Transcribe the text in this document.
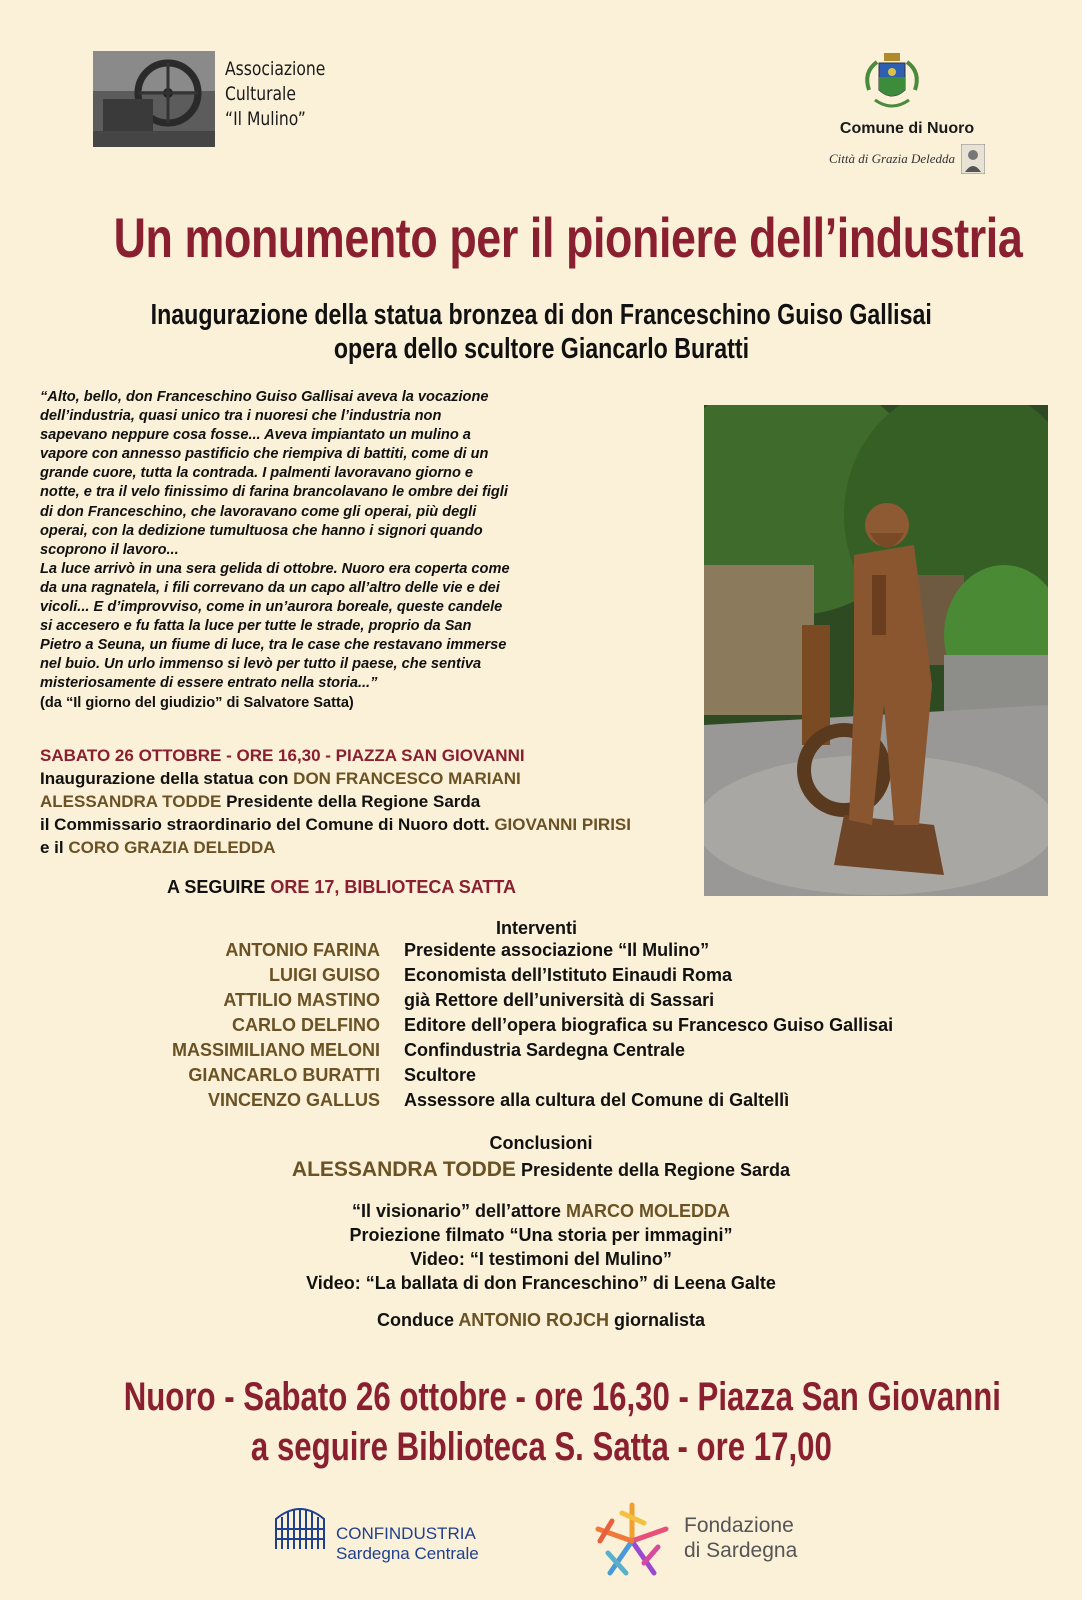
Associazione
Culturale
“Il Mulino”	Comune di Nuoro
Città di Grazia Deledda
Un monumento per il pioniere dell’industria
Inaugurazione della statua bronzea di don Franceschino Guiso Gallisai
opera dello scultore Giancarlo Buratti
“Alto, bello, don Franceschino Guiso Gallisai aveva la vocazione
dell’industria, quasi unico tra i nuoresi che l’industria non
sapevano neppure cosa fosse... Aveva impiantato un mulino a
vapore con annesso pastificio che riempiva di battiti, come di un
grande cuore, tutta la contrada. I palmenti lavoravano giorno e
notte, e tra il velo finissimo di farina brancolavano le ombre dei figli
di don Franceschino, che lavoravano come gli operai, più degli
operai, con la dedizione tumultuosa che hanno i signori quando
scoprono il lavoro...
La luce arrivò in una sera gelida di ottobre. Nuoro era coperta come
da una ragnatela, i fili correvano da un capo all’altro delle vie e dei
vicoli... E d’improvviso, come in un’aurora boreale, queste candele
si accesero e fu fatta la luce per tutte le strade, proprio da San
Pietro a Seuna, un fiume di luce, tra le case che restavano immerse
nel buio. Un urlo immenso si levò per tutto il paese, che sentiva
misteriosamente di essere entrato nella storia...”
(da “Il giorno del giudizio” di Salvatore Satta)
SABATO 26 OTTOBRE - ORE 16,30 - PIAZZA SAN GIOVANNI
Inaugurazione della statua con DON FRANCESCO MARIANI
ALESSANDRA TODDE Presidente della Regione Sarda
il Commissario straordinario del Comune di Nuoro dott. GIOVANNI PIRISI
e il CORO GRAZIA DELEDDA
A SEGUIRE ORE 17, BIBLIOTECA SATTA
Interventi
ANTONIO FARINA Presidente associazione “Il Mulino”
LUIGI GUISO Economista dell’Istituto Einaudi Roma
ATTILIO MASTINO già Rettore dell’università di Sassari
CARLO DELFINO Editore dell’opera biografica su Francesco Guiso Gallisai
MASSIMILIANO MELONI Confindustria Sardegna Centrale
GIANCARLO BURATTI Scultore
VINCENZO GALLUS Assessore alla cultura del Comune di Galtellì
Conclusioni
ALESSANDRA TODDE Presidente della Regione Sarda
“Il visionario” dell’attore MARCO MOLEDDA
Proiezione filmato “Una storia per immagini”
Video: “I testimoni del Mulino”
Video: “La ballata di don Franceschino” di Leena Galte
Conduce ANTONIO ROJCH giornalista
Nuoro - Sabato 26 ottobre - ore 16,30 - Piazza San Giovanni
a seguire Biblioteca S. Satta - ore 17,00
CONFINDUSTRIA
Sardegna Centrale
Fondazione
di Sardegna
